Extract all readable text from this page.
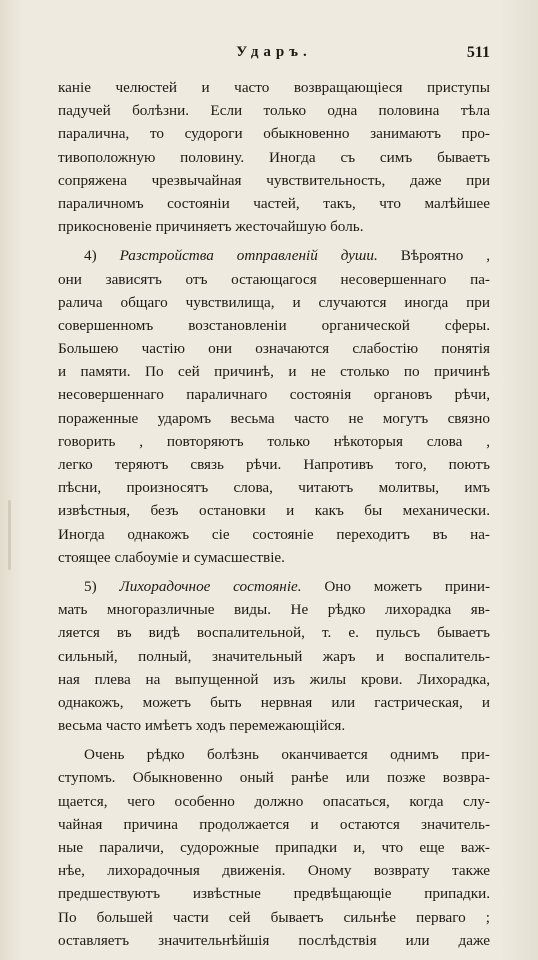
Ударъ.	511
каніе челюстей и часто возвращающіеся приступы
падучей болѣзни. Если только одна половина тѣла
паралична, то судороги обыкновенно занимаютъ про-
тивоположную половину. Иногда съ симъ бываетъ
сопряжена чрезвычайная чувствительность, даже при
параличномъ состояніи частей, такъ, что малѣйшее
прикосновеніе причиняетъ жесточайшую боль.
4) Разстройства отправленій души. Вѣроятно ,
они зависятъ отъ остающагося несовершеннаго па-
ралича общаго чувствилища, и случаются иногда при
совершенномъ возстановленіи органической сферы.
Большею частію они означаются слабостію понятія
и памяти. По сей причинѣ, и не столько по причинѣ
несовершеннаго параличнаго состоянія органовъ рѣчи,
пораженные ударомъ весьма часто не могутъ связно
говорить , повторяютъ только нѣкоторыя слова ,
легко теряютъ связь рѣчи. Напротивъ того, поютъ
пѣсни, произносятъ слова, читаютъ молитвы, имъ
извѣстныя, безъ остановки и какъ бы механически.
Иногда однакожъ сіе состояніе переходитъ въ на-
стоящее слабоуміе и сумасшествіе.
5) Лихорадочное состояніе. Оно можетъ прини-
мать многоразличные виды. Не рѣдко лихорадка яв-
ляется въ видѣ воспалительной, т. е. пульсъ бываетъ
сильный, полный, значительный жаръ и воспалитель-
ная плева на выпущенной изъ жилы крови. Лихорадка,
однакожъ, можетъ быть нервная или гастрическая, и
весьма часто имѣетъ ходъ перемежающійся.
Очень рѣдко болѣзнь оканчивается однимъ при-
ступомъ. Обыкновенно оный ранѣе или позже возвра-
щается, чего особенно должно опасаться, когда слу-
чайная причина продолжается и остаются значитель-
ные параличи, судорожные припадки и, что еще важ-
нѣе, лихорадочныя движенія. Оному возврату также
предшествуютъ извѣстные предвѣщающіе припадки.
По большей части сей бываетъ сильнѣе перваго ;
оставляетъ значительнѣйшія послѣдствія или даже
